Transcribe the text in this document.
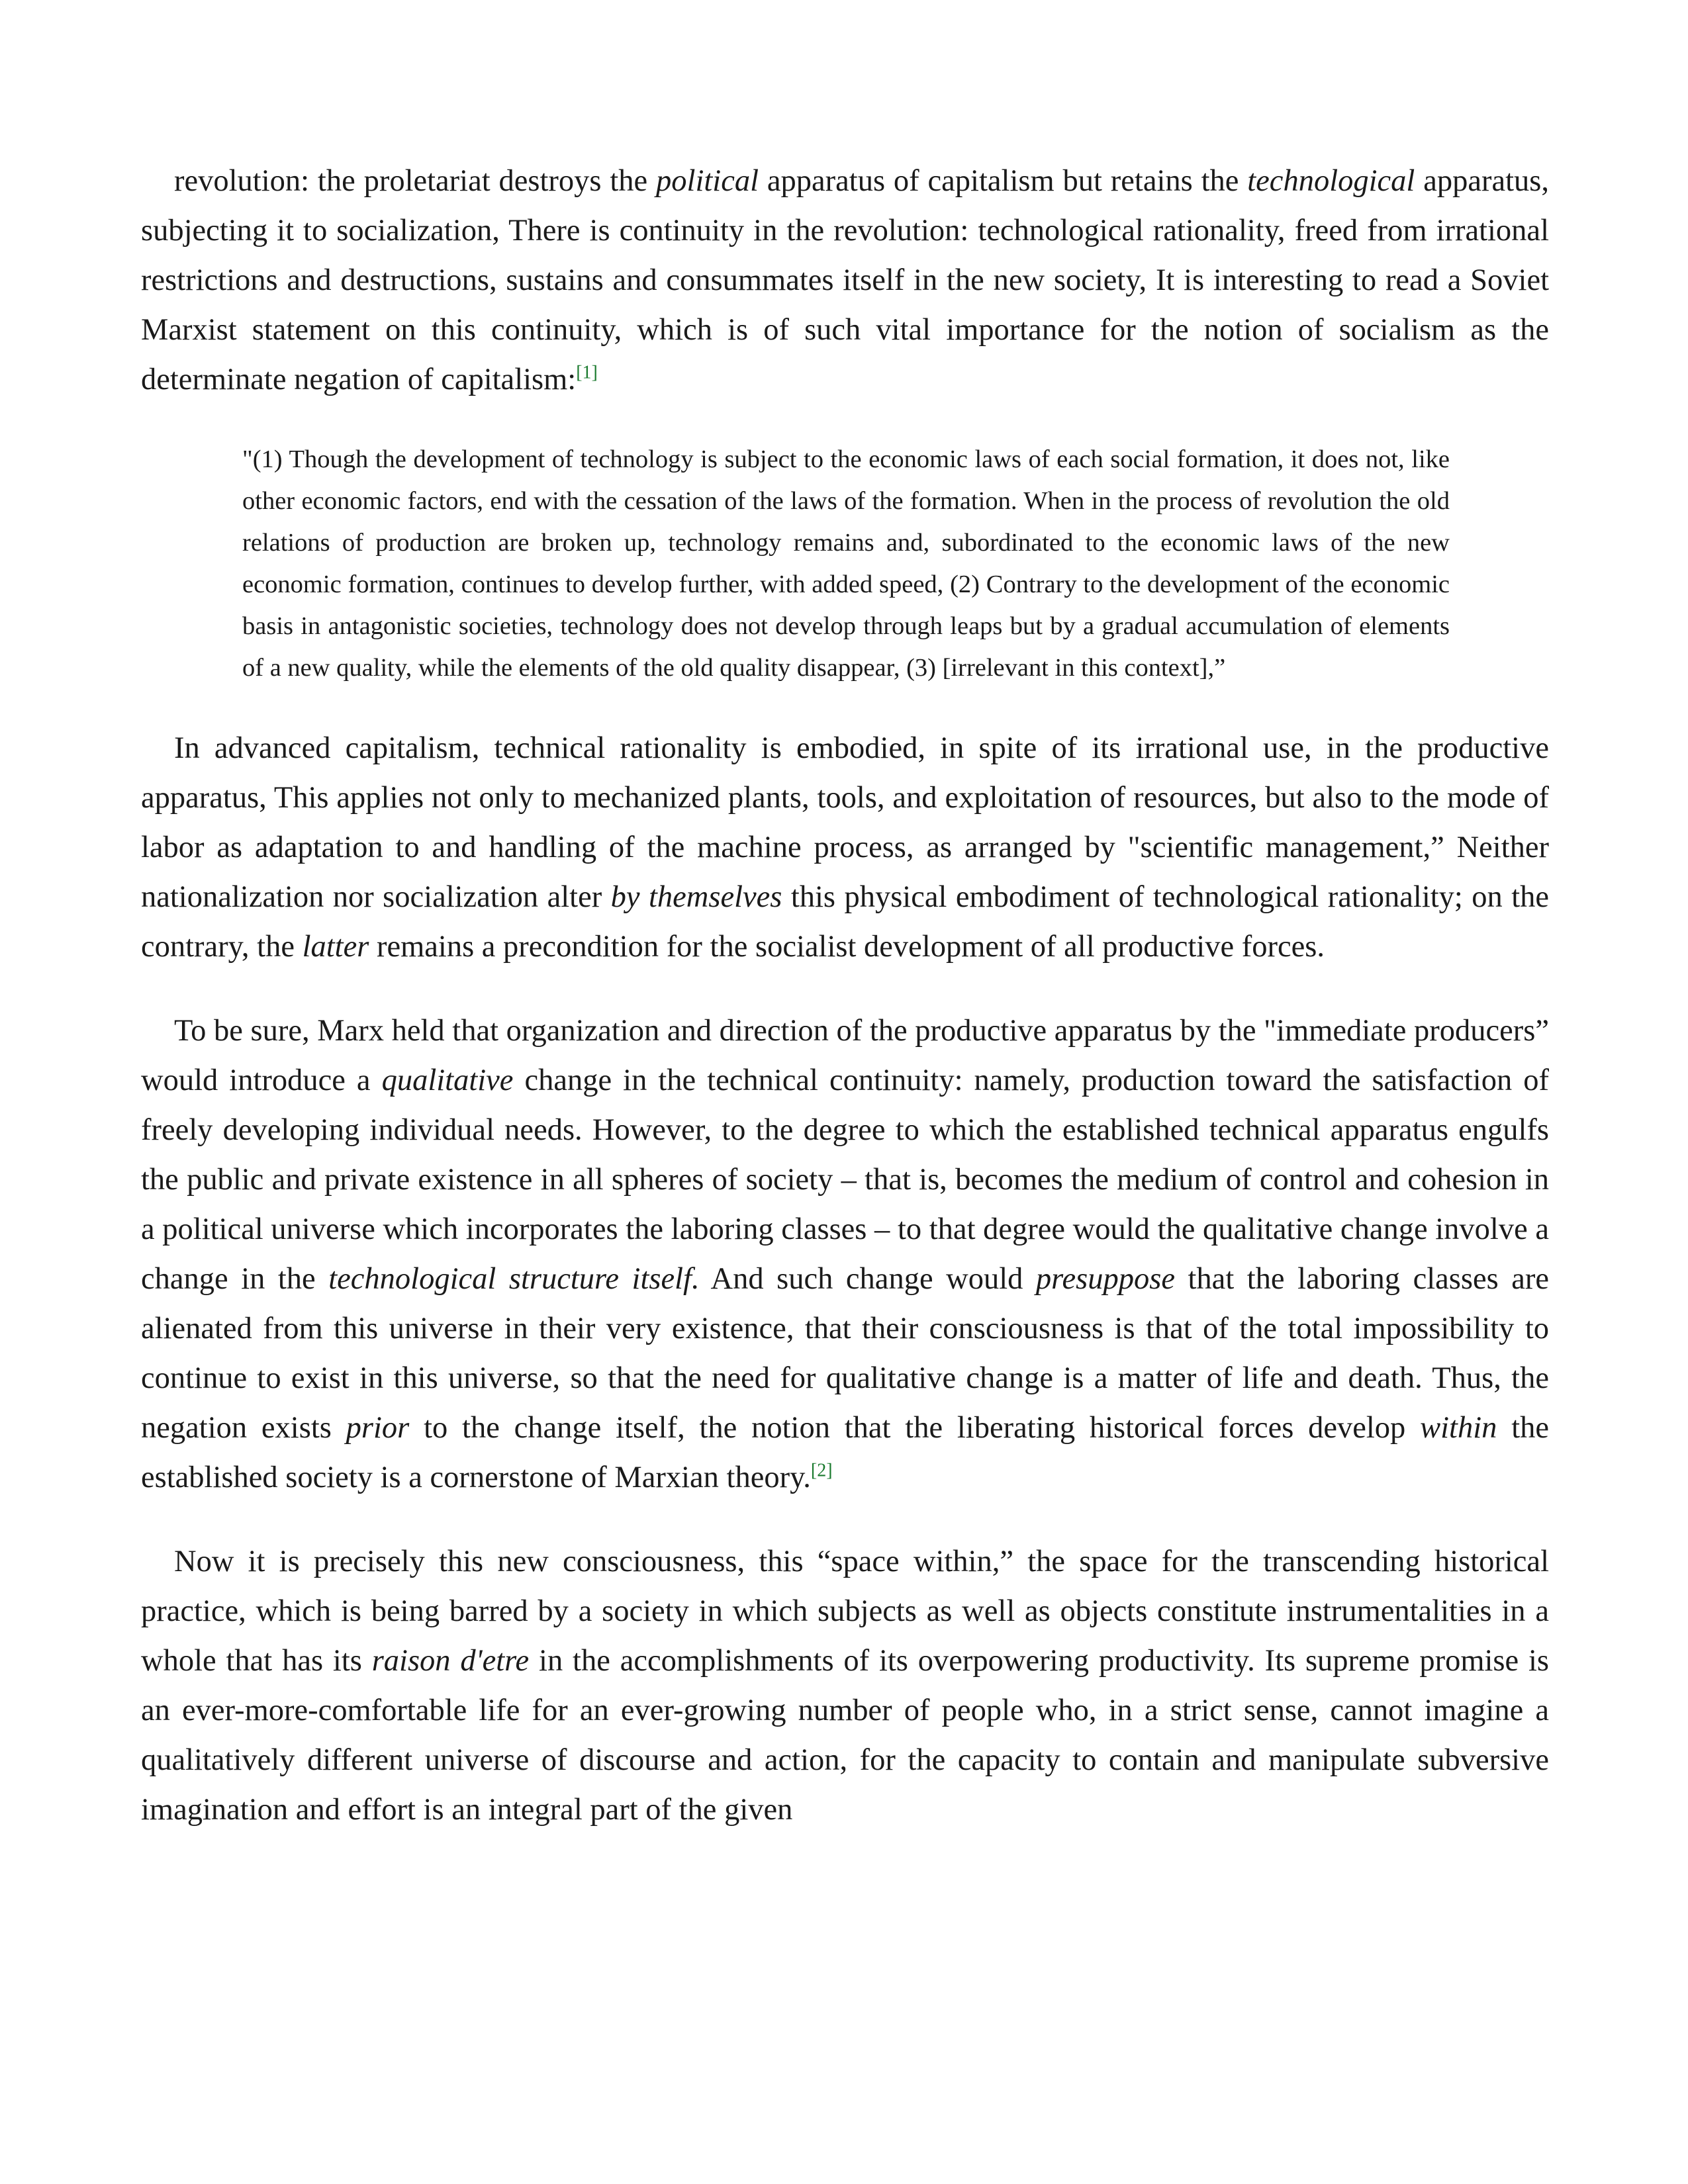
revolution: the proletariat destroys the political apparatus of capitalism but retains the technological apparatus, subjecting it to socialization, There is continuity in the revolution: technological rationality, freed from irrational restrictions and destructions, sustains and consummates itself in the new society, It is interesting to read a Soviet Marxist statement on this continuity, which is of such vital importance for the notion of socialism as the determinate negation of capitalism:[1]

"(1) Though the development of technology is subject to the economic laws of each social formation, it does not, like other economic factors, end with the cessation of the laws of the formation. When in the process of revolution the old relations of production are broken up, technology remains and, subordinated to the economic laws of the new economic formation, continues to develop further, with added speed, (2) Contrary to the development of the economic basis in antagonistic societies, technology does not develop through leaps but by a gradual accumulation of elements of a new quality, while the elements of the old quality disappear, (3) [irrelevant in this context],”

In advanced capitalism, technical rationality is embodied, in spite of its irrational use, in the productive apparatus, This applies not only to mechanized plants, tools, and exploitation of resources, but also to the mode of labor as adaptation to and handling of the machine process, as arranged by "scientific management,” Neither nationalization nor socialization alter by themselves this physical embodiment of technological rationality; on the contrary, the latter remains a precondition for the socialist development of all productive forces.

To be sure, Marx held that organization and direction of the productive apparatus by the "immediate producers” would introduce a qualitative change in the technical continuity: namely, production toward the satisfaction of freely developing individual needs. However, to the degree to which the established technical apparatus engulfs the public and private existence in all spheres of society – that is, becomes the medium of control and cohesion in a political universe which incorporates the laboring classes – to that degree would the qualitative change involve a change in the technological structure itself. And such change would presuppose that the laboring classes are alienated from this universe in their very existence, that their consciousness is that of the total impossibility to continue to exist in this universe, so that the need for qualitative change is a matter of life and death. Thus, the negation exists prior to the change itself, the notion that the liberating historical forces develop within the established society is a cornerstone of Marxian theory.[2]

Now it is precisely this new consciousness, this “space within,” the space for the transcending historical practice, which is being barred by a society in which subjects as well as objects constitute instrumentalities in a whole that has its raison d'etre in the accomplishments of its overpowering productivity. Its supreme promise is an ever-more-comfortable life for an ever-growing number of people who, in a strict sense, cannot imagine a qualitatively different universe of discourse and action, for the capacity to contain and manipulate subversive imagination and effort is an integral part of the given
